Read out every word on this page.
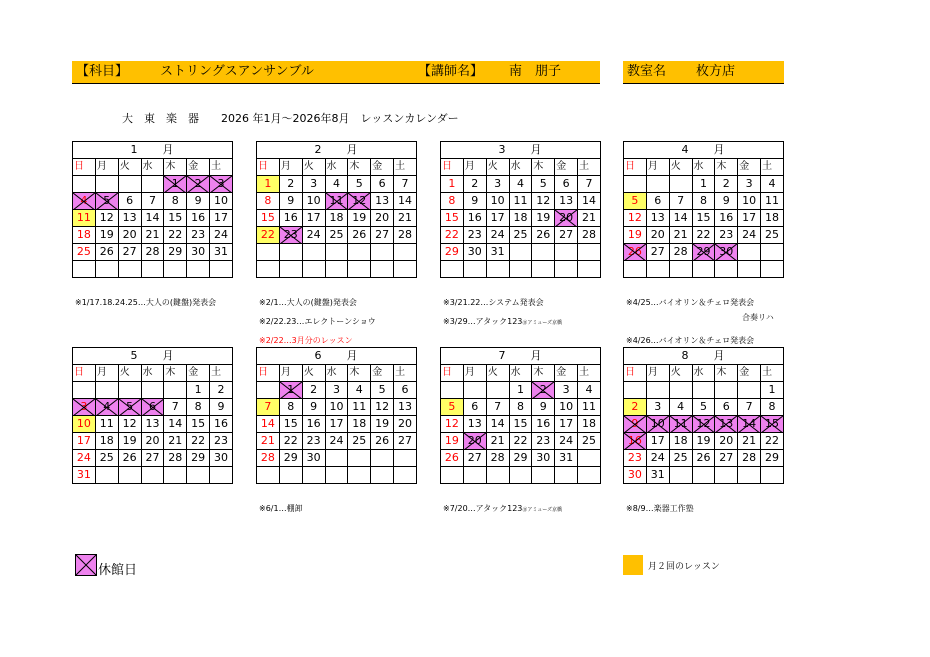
【科目】 ストリングスアンサンブル	【講師名】 南　朋子	教室名 枚方店
大　東　楽　器　　2026 年1月～2026年8月　レッスンカレンダー
1　　月						
日	月	火	水	木	金	土
				1	2	3
4	5	6	7	8	9	10
11	12	13	14	15	16	17
18	19	20	21	22	23	24
25	26	27	28	29	30	31

2　　月						
日	月	火	水	木	金	土
1	2	3	4	5	6	7
8	9	10	11	12	13	14
15	16	17	18	19	20	21
22	23	24	25	26	27	28

3　　月						
日	月	火	水	木	金	土
1	2	3	4	5	6	7
8	9	10	11	12	13	14
15	16	17	18	19	20	21
22	23	24	25	26	27	28
29	30	31				

4　　月						
日	月	火	水	木	金	土
			1	2	3	4
5	6	7	8	9	10	11
12	13	14	15	16	17	18
19	20	21	22	23	24	25
26	27	28	29	30		

5　　月						
日	月	火	水	木	金	土
					1	2
3	4	5	6	7	8	9
10	11	12	13	14	15	16
17	18	19	20	21	22	23
24	25	26	27	28	29	30
31						
6　　月						
日	月	火	水	木	金	土
	1	2	3	4	5	6
7	8	9	10	11	12	13
14	15	16	17	18	19	20
21	22	23	24	25	26	27
28	29	30				

7　　月						
日	月	火	水	木	金	土
			1	2	3	4
5	6	7	8	9	10	11
12	13	14	15	16	17	18
19	20	21	22	23	24	25
26	27	28	29	30	31	

8　　月						
日	月	火	水	木	金	土
						1
2	3	4	5	6	7	8
9	10	11	12	13	14	15
16	17	18	19	20	21	22
23	24	25	26	27	28	29
30	31					
※1/17.18.24.25…大人の(鍵盤)発表会	※2/1…大人の(鍵盤)発表会
※2/22.23…エレクトーンショウ
※2/22…3月分のレッスン
※3/21.22…システム発表会
※3/29…アタック123＠アミューズ京橋
※4/25…バイオリン＆チェロ発表会
合奏リハ
※4/26…バイオリン＆チェロ発表会
※6/1…棚卸	※7/20…アタック123＠アミューズ京橋	※8/9…楽器工作塾
休館日	月２回のレッスン
